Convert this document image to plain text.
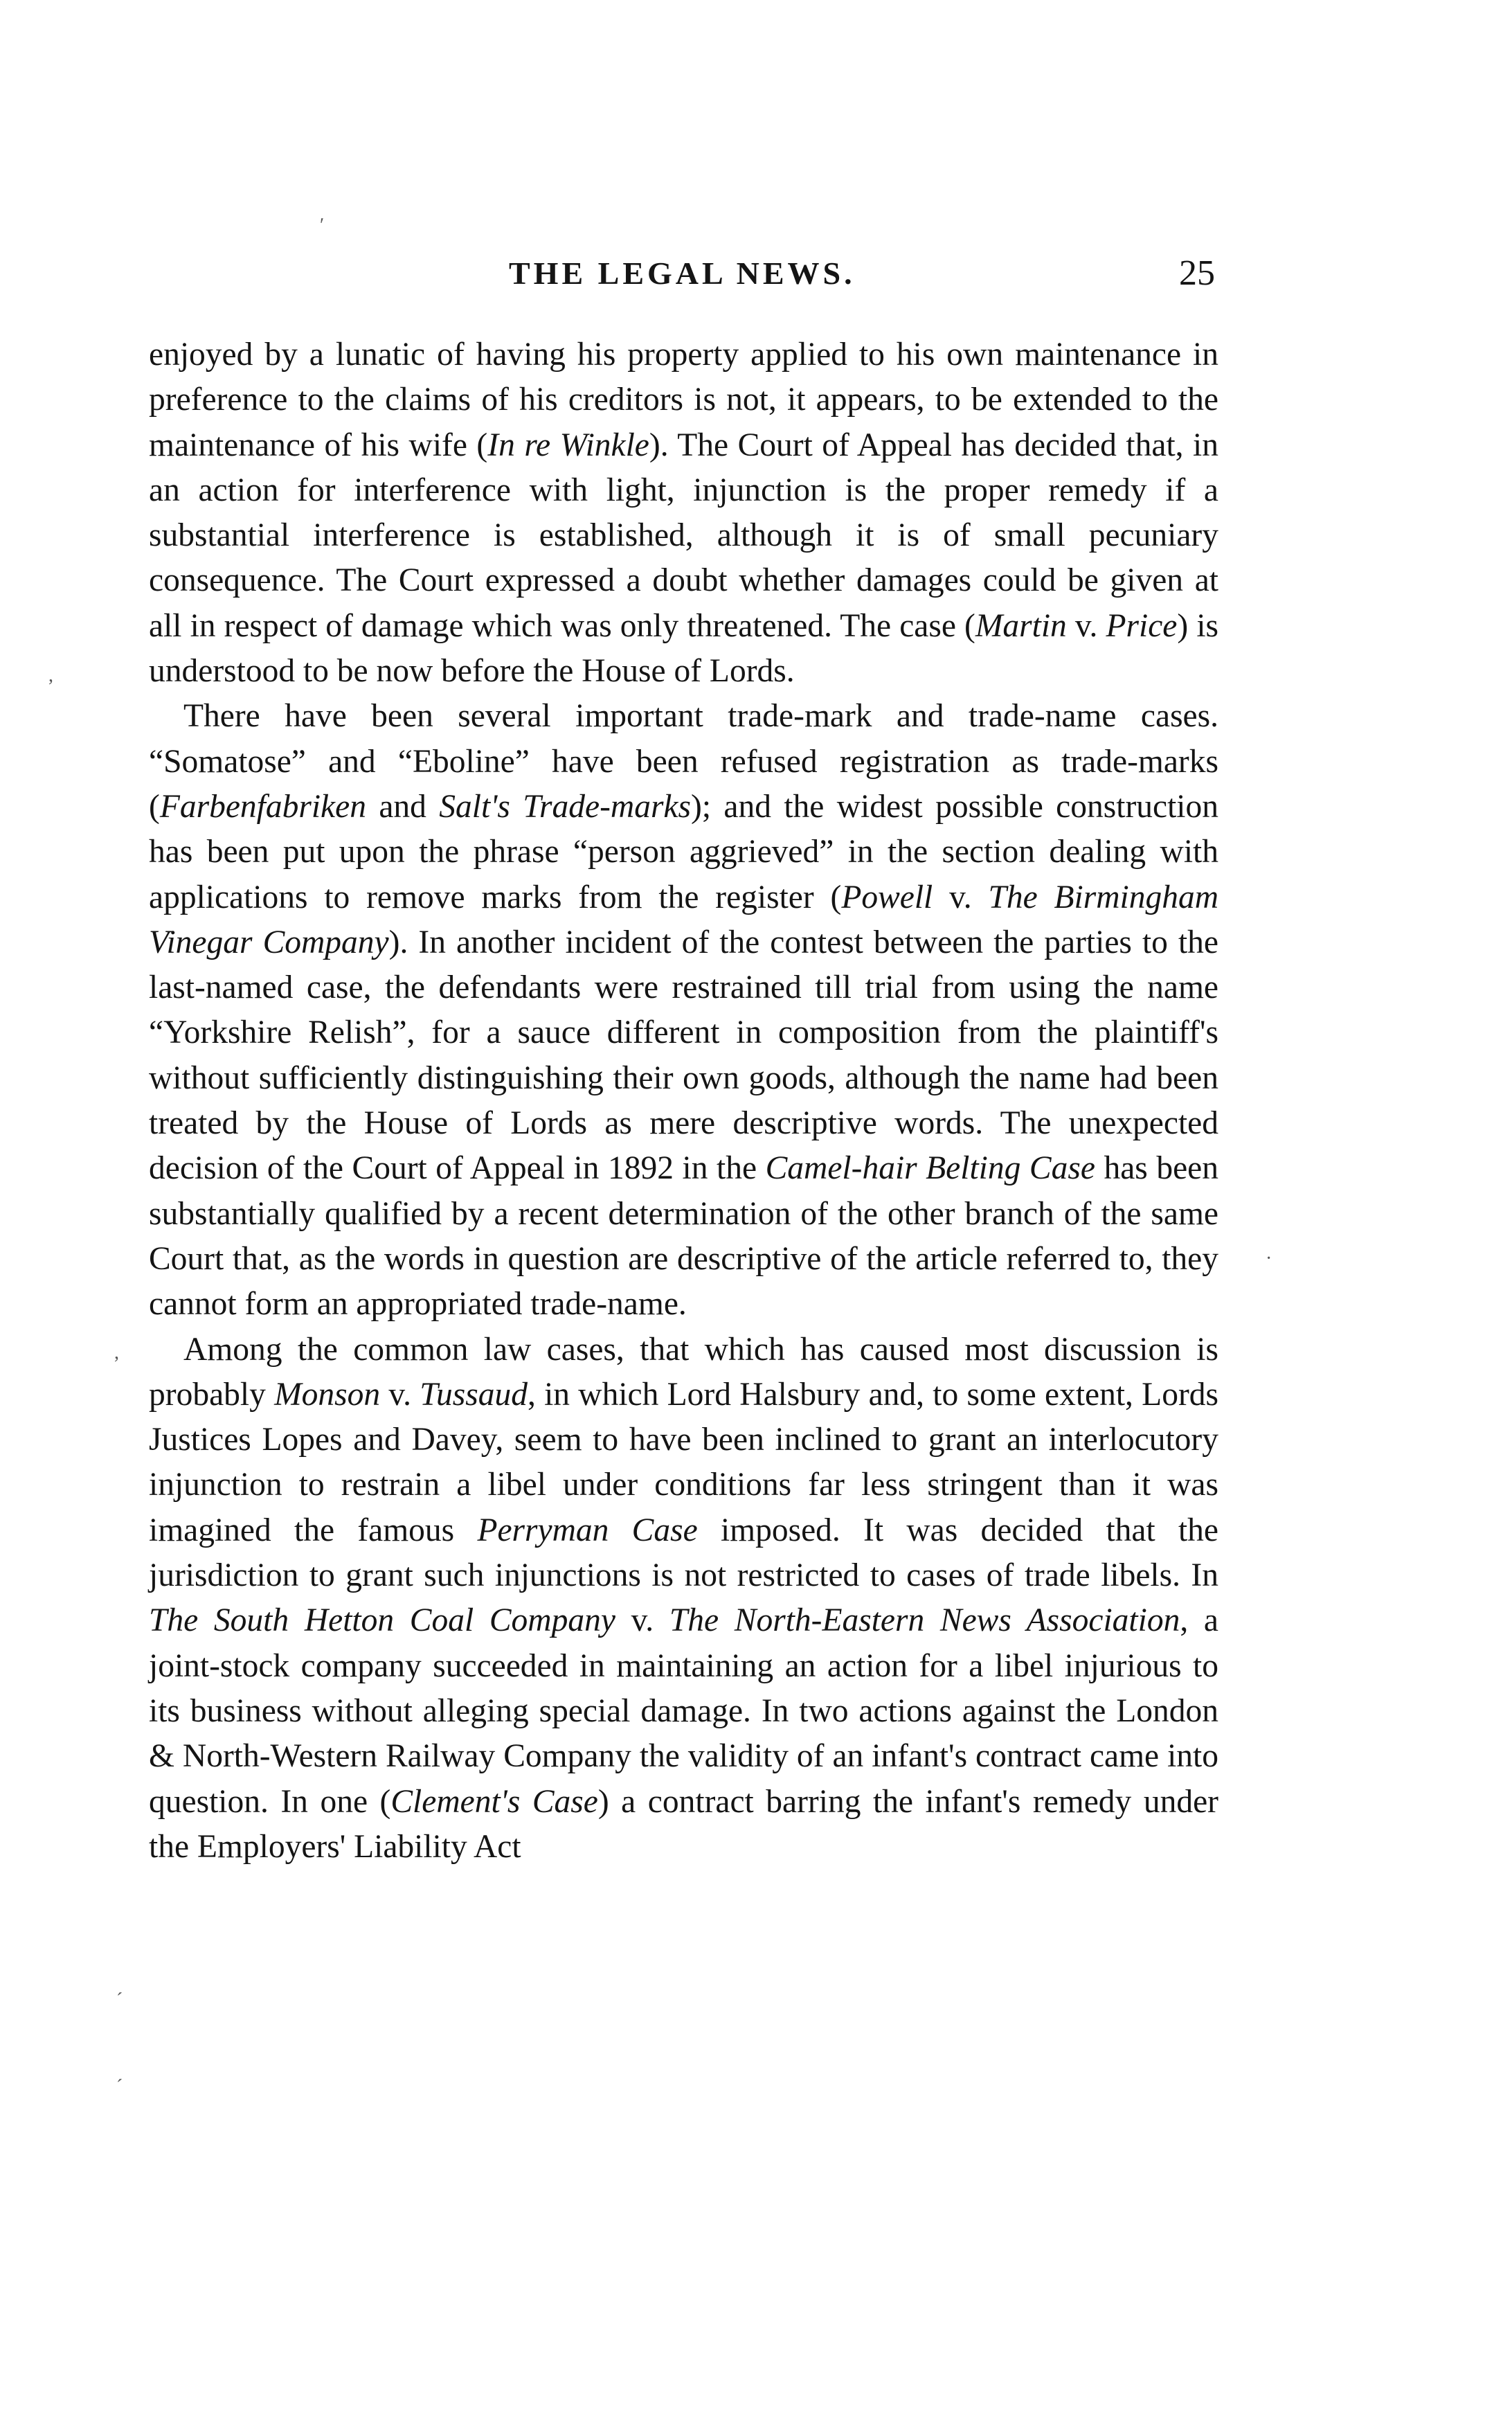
ʹ
,
·
,
ˊ
ˊ
THE LEGAL NEWS.	25

enjoyed by a lunatic of having his property applied to his own maintenance in preference to the claims of his creditors is not, it appears, to be extended to the maintenance of his wife (In re Winkle). The Court of Appeal has decided that, in an action for interference with light, injunction is the proper remedy if a substantial interference is established, although it is of small pecuniary consequence. The Court expressed a doubt whether damages could be given at all in respect of damage which was only threatened. The case (Martin v. Price) is understood to be now before the House of Lords.

There have been several important trade-mark and trade-name cases. “Somatose” and “Eboline” have been refused registration as trade-marks (Farbenfabriken and Salt's Trade-marks); and the widest possible construction has been put upon the phrase “person aggrieved” in the section dealing with applications to remove marks from the register (Powell v. The Birmingham Vinegar Company). In another incident of the contest between the parties to the last-named case, the defendants were restrained till trial from using the name “Yorkshire Relish”, for a sauce different in composition from the plaintiff's without sufficiently distinguishing their own goods, although the name had been treated by the House of Lords as mere descriptive words. The unexpected decision of the Court of Appeal in 1892 in the Camel-hair Belting Case has been substantially qualified by a recent determination of the other branch of the same Court that, as the words in question are descriptive of the article referred to, they cannot form an appropriated trade-name.

Among the common law cases, that which has caused most discussion is probably Monson v. Tussaud, in which Lord Halsbury and, to some extent, Lords Justices Lopes and Davey, seem to have been inclined to grant an interlocutory injunction to restrain a libel under conditions far less stringent than it was imagined the famous Perryman Case imposed. It was decided that the jurisdiction to grant such injunctions is not restricted to cases of trade libels. In The South Hetton Coal Company v. The North-Eastern News Association, a joint-stock company succeeded in maintaining an action for a libel injurious to its business without alleging special damage. In two actions against the London & North-Western Railway Company the validity of an infant's contract came into question. In one (Clement's Case) a contract barring the infant's remedy under the Employers' Liability Act
